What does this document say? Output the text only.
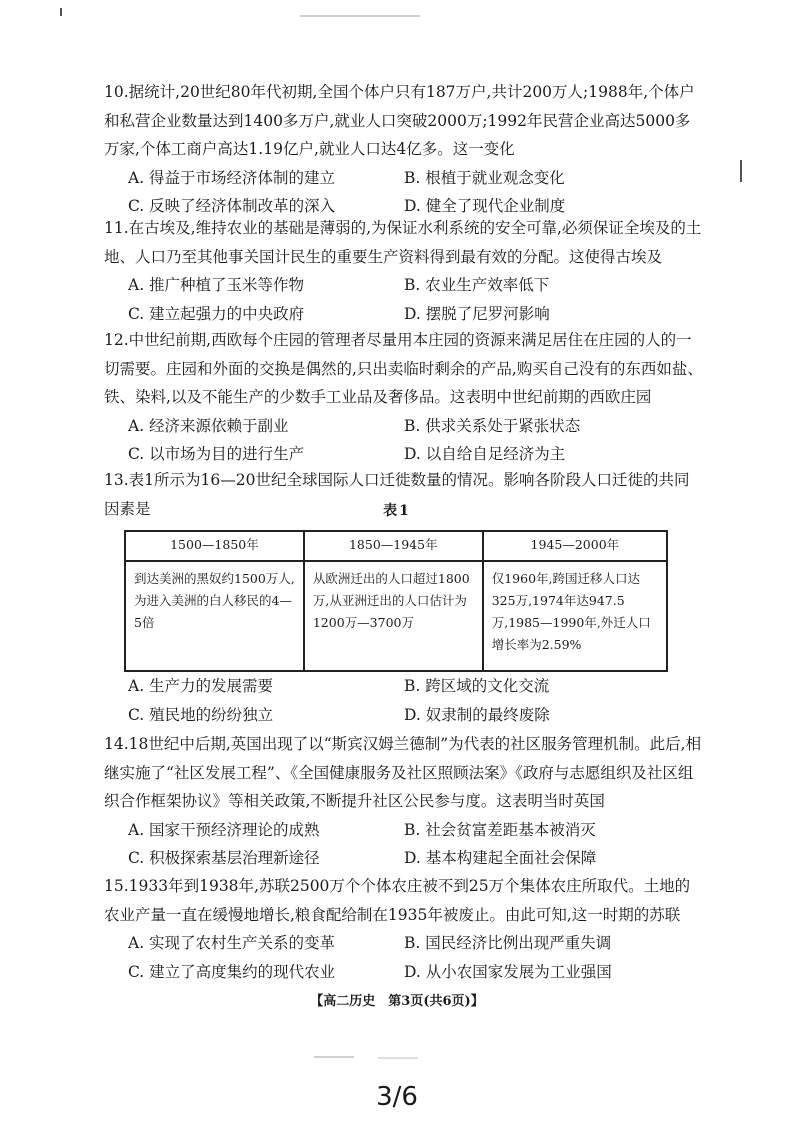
10.据统计,20世纪80年代初期,全国个体户只有187万户,共计200万人;1988年,个体户和私营企业数量达到1400多万户,就业人口突破2000万;1992年民营企业高达5000多万家,个体工商户高达1.19亿户,就业人口达4亿多。这一变化

A. 得益于市场经济体制的建立	B. 根植于就业观念变化
C. 反映了经济体制改革的深入	D. 健全了现代企业制度

11.在古埃及,维持农业的基础是薄弱的,为保证水利系统的安全可靠,必须保证全埃及的土地、人口乃至其他事关国计民生的重要生产资料得到最有效的分配。这使得古埃及

A. 推广种植了玉米等作物	B. 农业生产效率低下
C. 建立起强力的中央政府	D. 摆脱了尼罗河影响

12.中世纪前期,西欧每个庄园的管理者尽量用本庄园的资源来满足居住在庄园的人的一切需要。庄园和外面的交换是偶然的,只出卖临时剩余的产品,购买自己没有的东西如盐、铁、染料,以及不能生产的少数手工业品及奢侈品。这表明中世纪前期的西欧庄园

A. 经济来源依赖于副业	B. 供求关系处于紧张状态
C. 以市场为目的进行生产	D. 以自给自足经济为主

13.表1所示为16—20世纪全球国际人口迁徙数量的情况。影响各阶段人口迁徙的共同因素是	表1
1500—1850年	1850—1945年	1945—2000年
到达美洲的黑奴约1500万人,为进入美洲的白人移民的4—5倍	从欧洲迁出的人口超过1800万,从亚洲迁出的人口估计为1200万—3700万	仅1960年,跨国迁移人口达325万,1974年达947.5万,1985—1990年,外迁人口增长率为2.59%
A. 生产力的发展需要	B. 跨区域的文化交流
C. 殖民地的纷纷独立	D. 奴隶制的最终废除

14.18世纪中后期,英国出现了以“斯宾汉姆兰德制”为代表的社区服务管理机制。此后,相继实施了“社区发展工程”、《全国健康服务及社区照顾法案》《政府与志愿组织及社区组织合作框架协议》等相关政策,不断提升社区公民参与度。这表明当时英国

A. 国家干预经济理论的成熟	B. 社会贫富差距基本被消灭
C. 积极探索基层治理新途径	D. 基本构建起全面社会保障

15.1933年到1938年,苏联2500万个个体农庄被不到25万个集体农庄所取代。土地的农业产量一直在缓慢地增长,粮食配给制在1935年被废止。由此可知,这一时期的苏联

A. 实现了农村生产关系的变革	B. 国民经济比例出现严重失调
C. 建立了高度集约的现代农业	D. 从小农国家发展为工业强国
【高二历史　第3页(共6页)】
3/6
